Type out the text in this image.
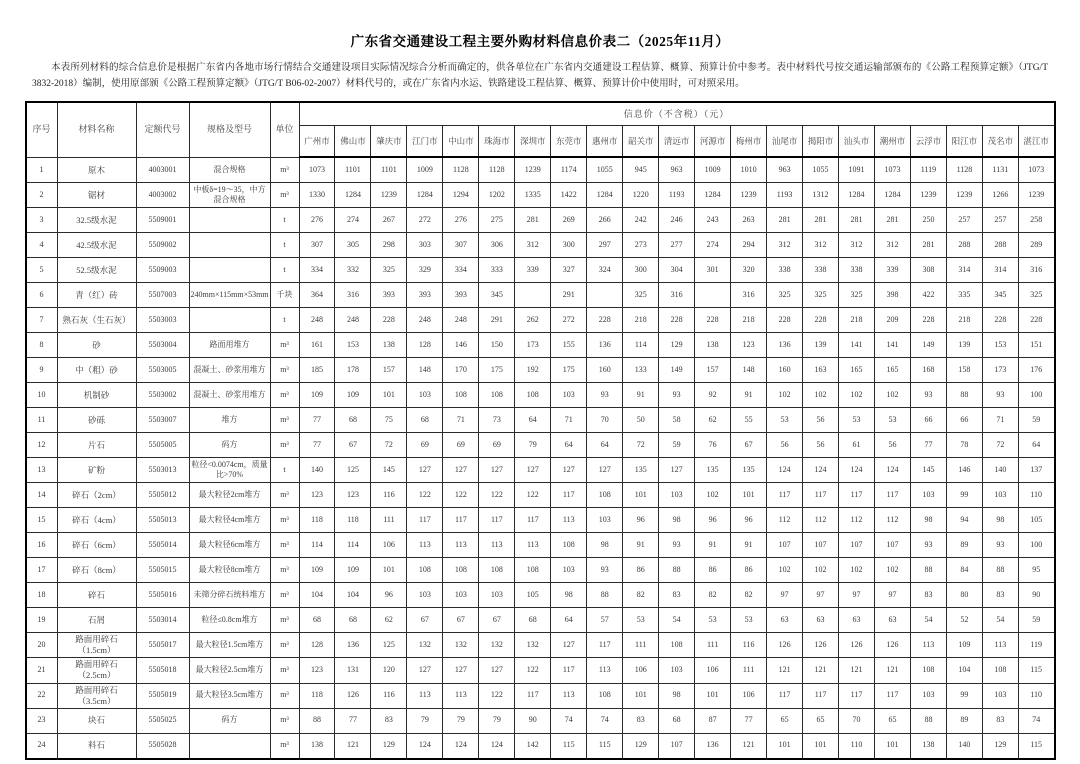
广东省交通建设工程主要外购材料信息价表二（2025年11月）
本表所列材料的综合信息价是根据广东省内各地市场行情结合交通建设项目实际情况综合分析而确定的，供各单位在广东省内交通建设工程估算、概算、预算计价中参考。表中材料代号按交通运输部颁布的《公路工程预算定额》（JTG/T 3832-2018）编制，使用原部颁《公路工程预算定额》（JTG/T B06-02-2007）材料代号的，或在广东省内水运、铁路建设工程估算、概算、预算计价中使用时，可对照采用。
序号	材料名称	定额代号	规格及型号	单位	信息价（不含税）（元）																				
					广州市	佛山市	肇庆市	江门市	中山市	珠海市	深圳市	东莞市	惠州市	韶关市	清远市	河源市	梅州市	汕尾市	揭阳市	汕头市	潮州市	云浮市	阳江市	茂名市	湛江市
1	原木	4003001	混合规格	m³	1073	1101	1101	1009	1128	1128	1239	1174	1055	945	963	1009	1010	963	1055	1091	1073	1119	1128	1131	1073
2	锯材	4003002	中板δ=19～35，中方混合规格	m³	1330	1284	1239	1284	1294	1202	1335	1422	1284	1220	1193	1284	1239	1193	1312	1284	1284	1239	1239	1266	1239
3	32.5级水泥	5509001		t	276	274	267	272	276	275	281	269	266	242	246	243	263	281	281	281	281	250	257	257	258
4	42.5级水泥	5509002		t	307	305	298	303	307	306	312	300	297	273	277	274	294	312	312	312	312	281	288	288	289
5	52.5级水泥	5509003		t	334	332	325	329	334	333	339	327	324	300	304	301	320	338	338	338	339	308	314	314	316
6	青（红）砖	5507003	240mm×115mm×53mm	千块	364	316	393	393	393	345		291		325	316		316	325	325	325	398	422	335	345	325
7	熟石灰（生石灰）	5503003		t	248	248	228	248	248	291	262	272	228	218	228	228	218	228	228	218	209	228	218	228	228
8	砂	5503004	路面用堆方	m³	161	153	138	128	146	150	173	155	136	114	129	138	123	136	139	141	141	149	139	153	151
9	中（粗）砂	5503005	混凝土、砂浆用堆方	m³	185	178	157	148	170	175	192	175	160	133	149	157	148	160	163	165	165	168	158	173	176
10	机制砂	5503002	混凝土、砂浆用堆方	m³	109	109	101	103	108	108	108	103	93	91	93	92	91	102	102	102	102	93	88	93	100
11	砂砾	5503007	堆方	m³	77	68	75	68	71	73	64	71	70	50	58	62	55	53	56	53	53	66	66	71	59
12	片石	5505005	码方	m³	77	67	72	69	69	69	79	64	64	72	59	76	67	56	56	61	56	77	78	72	64
13	矿粉	5503013	粒径<0.0074cm，质量比>70%	t	140	125	145	127	127	127	127	127	127	135	127	135	135	124	124	124	124	145	146	140	137
14	碎石（2cm）	5505012	最大粒径2cm堆方	m³	123	123	116	122	122	122	122	117	108	101	103	102	101	117	117	117	117	103	99	103	110
15	碎石（4cm）	5505013	最大粒径4cm堆方	m³	118	118	111	117	117	117	117	113	103	96	98	96	96	112	112	112	112	98	94	98	105
16	碎石（6cm）	5505014	最大粒径6cm堆方	m³	114	114	106	113	113	113	113	108	98	91	93	91	91	107	107	107	107	93	89	93	100
17	碎石（8cm）	5505015	最大粒径8cm堆方	m³	109	109	101	108	108	108	108	103	93	86	88	86	86	102	102	102	102	88	84	88	95
18	碎石	5505016	未筛分碎石统料堆方	m³	104	104	96	103	103	103	105	98	88	82	83	82	82	97	97	97	97	83	80	83	90
19	石屑	5503014	粒径≤0.8cm堆方	m³	68	68	62	67	67	67	68	64	57	53	54	53	53	63	63	63	63	54	52	54	59
20	路面用碎石（1.5cm）	5505017	最大粒径1.5cm堆方	m³	128	136	125	132	132	132	132	127	117	111	108	111	116	126	126	126	126	113	109	113	119
21	路面用碎石（2.5cm）	5505018	最大粒径2.5cm堆方	m³	123	131	120	127	127	127	122	117	113	106	103	106	111	121	121	121	121	108	104	108	115
22	路面用碎石（3.5cm）	5505019	最大粒径3.5cm堆方	m³	118	126	116	113	113	122	117	113	108	101	98	101	106	117	117	117	117	103	99	103	110
23	块石	5505025	码方	m³	88	77	83	79	79	79	90	74	74	83	68	87	77	65	65	70	65	88	89	83	74
24	料石	5505028		m³	138	121	129	124	124	124	142	115	115	129	107	136	121	101	101	110	101	138	140	129	115
